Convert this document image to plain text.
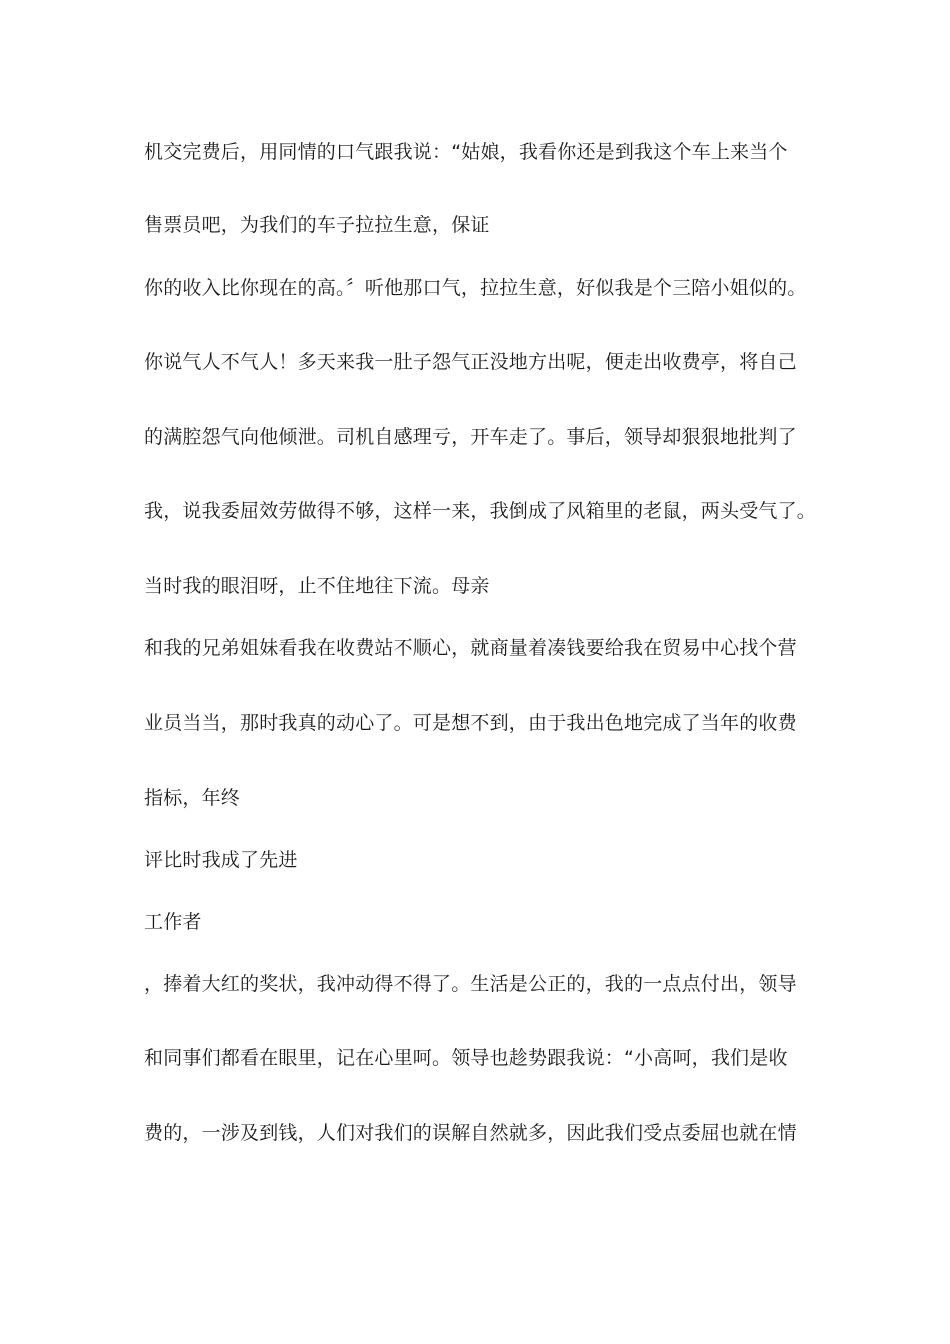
机交完费后，用同情的口气跟我说：“姑娘，我看你还是到我这个车上来当个
售票员吧，为我们的车子拉拉生意，保证
你的收入比你现在的高。〞听他那口气，拉拉生意，好似我是个三陪小姐似的。
你说气人不气人！多天来我一肚子怨气正没地方出呢，便走出收费亭，将自己
的满腔怨气向他倾泄。司机自感理亏，开车走了。事后，领导却狠狠地批判了
我，说我委屈效劳做得不够，这样一来，我倒成了风箱里的老鼠，两头受气了。
当时我的眼泪呀，止不住地往下流。母亲
和我的兄弟姐妹看我在收费站不顺心，就商量着凑钱要给我在贸易中心找个营
业员当当，那时我真的动心了。可是想不到，由于我出色地完成了当年的收费
指标，年终
评比时我成了先进
工作者
，捧着大红的奖状，我冲动得不得了。生活是公正的，我的一点点付出，领导
和同事们都看在眼里，记在心里呵。领导也趁势跟我说：“小高呵，我们是收
费的，一涉及到钱，人们对我们的误解自然就多，因此我们受点委屈也就在情
